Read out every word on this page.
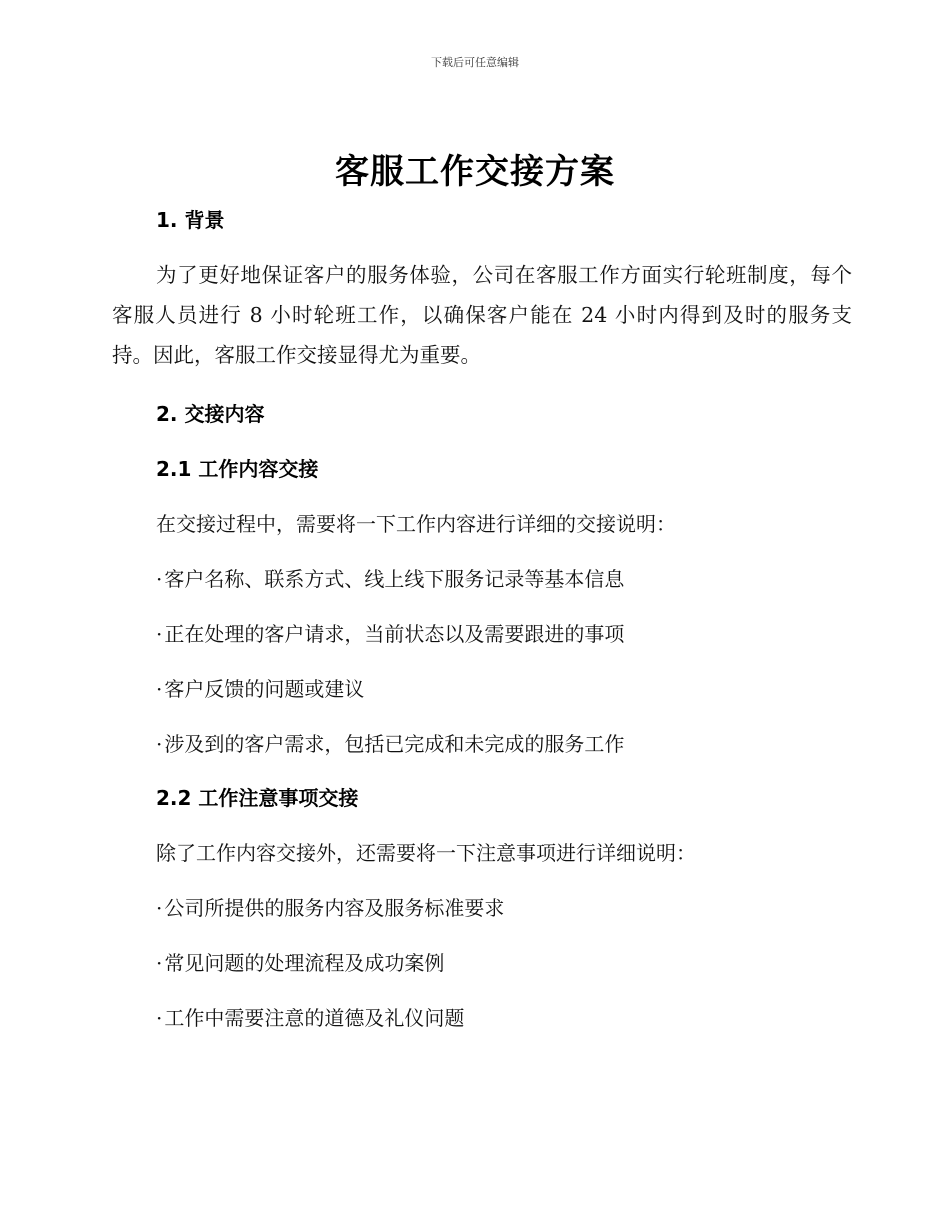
下载后可任意编辑
客服工作交接方案
1. 背景

为了更好地保证客户的服务体验，公司在客服工作方面实行轮班制度，每个客服人员进行 8 小时轮班工作，以确保客户能在 24 小时内得到及时的服务支持。因此，客服工作交接显得尤为重要。

2. 交接内容
2.1 工作内容交接
在交接过程中，需要将一下工作内容进行详细的交接说明：
· 客户名称、联系方式、线上线下服务记录等基本信息
· 正在处理的客户请求，当前状态以及需要跟进的事项
· 客户反馈的问题或建议
· 涉及到的客户需求，包括已完成和未完成的服务工作
2.2 工作注意事项交接
除了工作内容交接外，还需要将一下注意事项进行详细说明：
· 公司所提供的服务内容及服务标准要求
· 常见问题的处理流程及成功案例
· 工作中需要注意的道德及礼仪问题
